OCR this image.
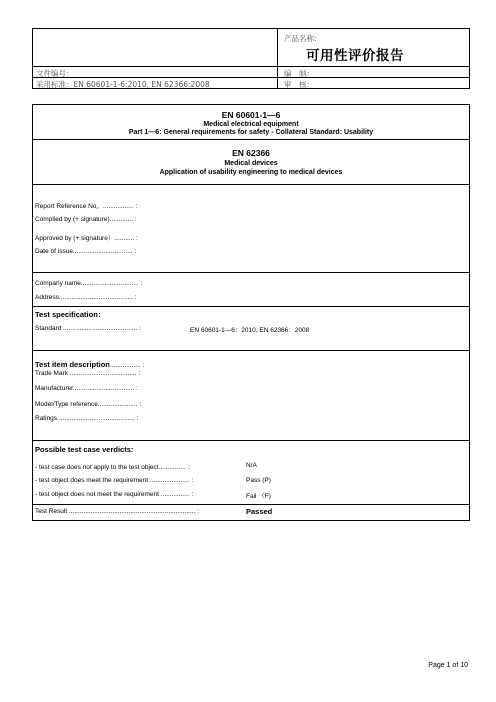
产品名称:
可用性评价报告
文件编号：	编　制：
采用标准：EN 60601-1-6:2010, EN 62366:2008	审　核：
EN 60601-1—6
Medical electrical equipment
Part 1—6: General requirements for safety - Collateral Standard: Usability
EN 62366
Medical devices
Application of usability engineering to medical devices
Report Reference No。................. :
Compiled by (+ signature)............. :
Approved by (+ signature）........... :
Date of issue................................. :
Company name................................ :
Address......................................... :
Test specification：
Standard ......................................... :	EN 60601-1—6：2010, EN 62366：2008
Test item description................. :
Trade Mark ..................................... :
Manufacturer.................................. :
Model/Type reference...................... :
Ratings........................................... :
Possible test case verdicts:
- test case does not apply to the test object............... ：	N/A
- test object does meet the requirement ...................... :	Pass (P)
- test object does not meet the requirement ................ :	Fail （F)
Test Result ...................................................................... :	Passed
Page 1 of 10
